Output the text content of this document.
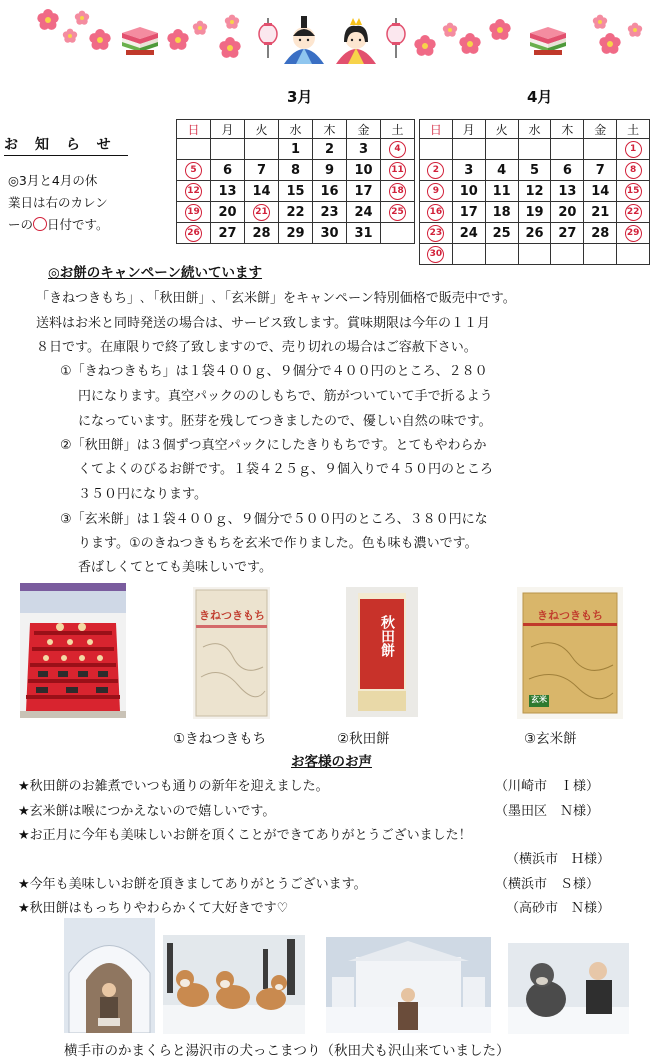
3月	4月
日	月	火	水	木	金	土
			1	2	3	4
5	6	7	8	9	10	11
12	13	14	15	16	17	18
19	20	21	22	23	24	25
26	27	28	29	30	31	
日	月	火	水	木	金	土
						1
2	3	4	5	6	7	8
9	10	11	12	13	14	15
16	17	18	19	20	21	22
23	24	25	26	27	28	29
30						
お知らせ
◎3月と4月の休
業日は右のカレン
ーの 日付です。
◎お餅のキャンペーン続いています
「きねつきもち」､「秋田餅」､「玄米餅」をキャンペーン特別価格で販売中です。
送料はお米と同時発送の場合は、サービス致します。賞味期限は今年の１１月
８日です。在庫限りで終了致しますので、売り切れの場合はご容赦下さい。
①「きねつきもち」は１袋４００ｇ、９個分で４００円のところ、２８０
円になります。真空パックののしもちで、筋がついていて手で折るよう
になっています。胚芽を残してつきましたので、優しい自然の味です。
②「秋田餅」は３個ずつ真空パックにしたきりもちです。とてもやわらか
くてよくのびるお餅です。１袋４２５ｇ、９個入りで４５０円のところ
３５０円になります。
③「玄米餅」は１袋４００ｇ、９個分で５００円のところ、３８０円にな
ります。①のきねつきもちを玄米で作りました。色も味も濃いです。
香ばしくてとても美味しいです。
きねつきもち	秋田餅	きねつきもち
玄米
①きねつきもち	②秋田餅	③玄米餅
お客様のお声
★秋田餅のお雑煮でいつも通りの新年を迎えました。	（川崎市　Ｉ様）
★玄米餅は喉につかえないので嬉しいです。	（墨田区　Ｎ様）
★お正月に今年も美味しいお餅を頂くことができてありがとうございました！
（横浜市　Ｈ様）
★今年も美味しいお餅を頂きましてありがとうございます。	（横浜市　Ｓ様）
★秋田餅はもっちりやわらかくて大好きです♡	（高砂市　Ｎ様）
横手市のかまくらと湯沢市の犬っこまつり（秋田犬も沢山来ていました）
